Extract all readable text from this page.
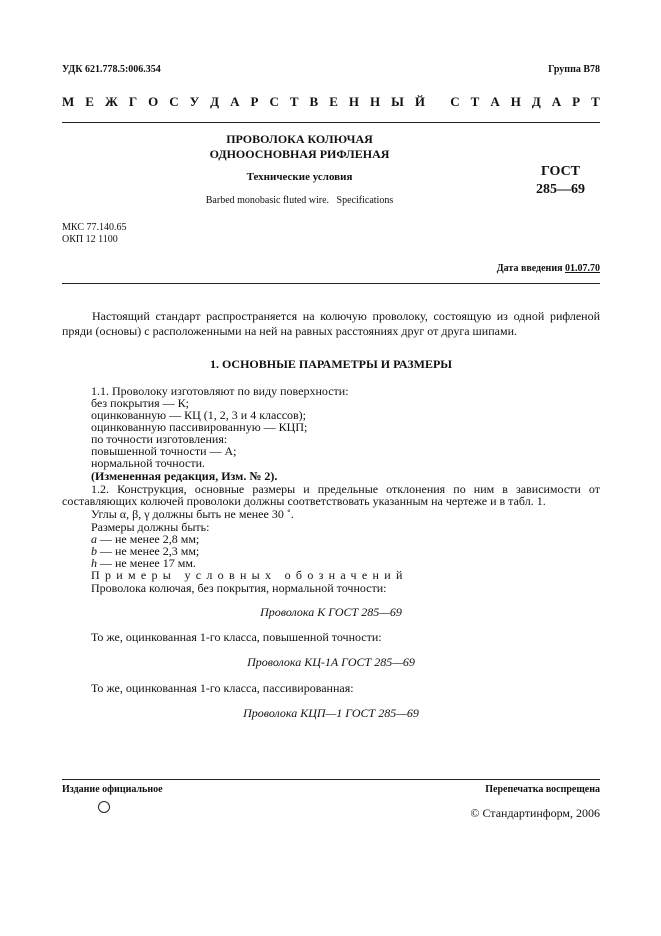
УДК 621.778.5:006.354	Группа В78
М Е Ж Г О С У Д А Р С Т В Е Н Н Ы Й
С Т А Н Д А Р Т
ПРОВОЛОКА КОЛЮЧАЯ
ОДНООСНОВНАЯ РИФЛЕНАЯ
Технические условия
Barbed monobasic fluted wire.   Specifications
ГОСТ
285—69
МКС 77.140.65
ОКП 12 1100
Дата введения 01.07.70
Настоящий стандарт распространяется на колючую проволоку, состоящую из одной рифленой пряди (основы) с расположенными на ней на равных расстояниях друг от друга шипами.
1. ОСНОВНЫЕ ПАРАМЕТРЫ И РАЗМЕРЫ
1.1. Проволоку изготовляют по виду поверхности:
без покрытия — К;
оцинкованную — КЦ (1, 2, 3 и 4 классов);
оцинкованную пассивированную — КЦП;
по точности изготовления:
повышенной точности — А;
нормальной точности.
(Измененная редакция, Изм. № 2).
1.2. Конструкция, основные размеры и предельные отклонения по ним в зависимости от составляющих колючей проволоки должны соответствовать указанным на чертеже и в табл. 1.
Углы α, β, γ должны быть не менее 30 ˚.
Размеры должны быть:
a — не менее 2,8 мм;
b — не менее 2,3 мм;
h — не менее 17 мм.
Примеры условных обозначений
Проволока колючая, без покрытия, нормальной точности:
Проволока К ГОСТ 285—69
То же, оцинкованная 1-го класса, повышенной точности:
Проволока КЦ-1А ГОСТ 285—69
То же, оцинкованная 1-го класса, пассивированная:
Проволока КЦП—1 ГОСТ 285—69
Издание официальное	Перепечатка воспрещена
© Стандартинформ, 2006
